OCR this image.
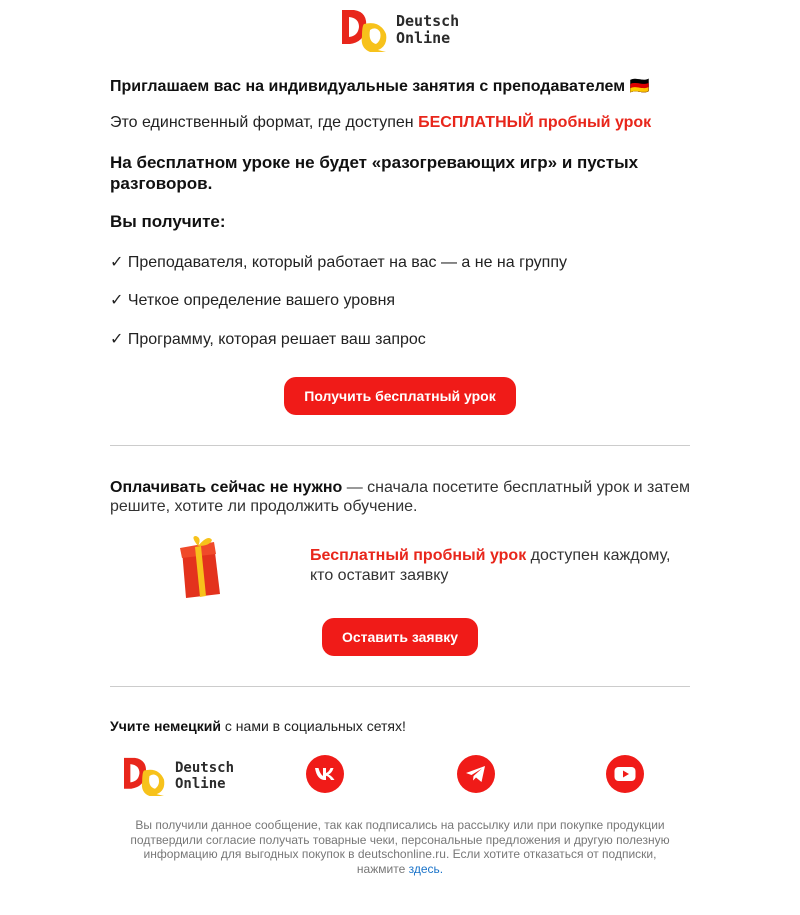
Deutsch
Online
Приглашаем вас на индивидуальные занятия с преподавателем 🇩🇪
Это единственный формат, где доступен БЕСПЛАТНЫЙ пробный урок
На бесплатном уроке не будет «разогревающих игр» и пустых разговоров.
Вы получите:
✓ Преподавателя, который работает на вас — а не на группу
✓ Четкое определение вашего уровня
✓ Программу, которая решает ваш запрос
Получить бесплатный урок
Оплачивать сейчас не нужно — сначала посетите бесплатный урок и затем решите, хотите ли продолжить обучение.
Бесплатный пробный урок доступен каждому, кто оставит заявку
Оставить заявку
Учите немецкий с нами в социальных сетях!
Deutsch
Online
Вы получили данное сообщение, так как подписались на рассылку или при покупке продукции подтвердили согласие получать товарные чеки, персональные предложения и другую полезную информацию для выгодных покупок в deutschonline.ru. Если хотите отказаться от подписки, нажмите здесь.
